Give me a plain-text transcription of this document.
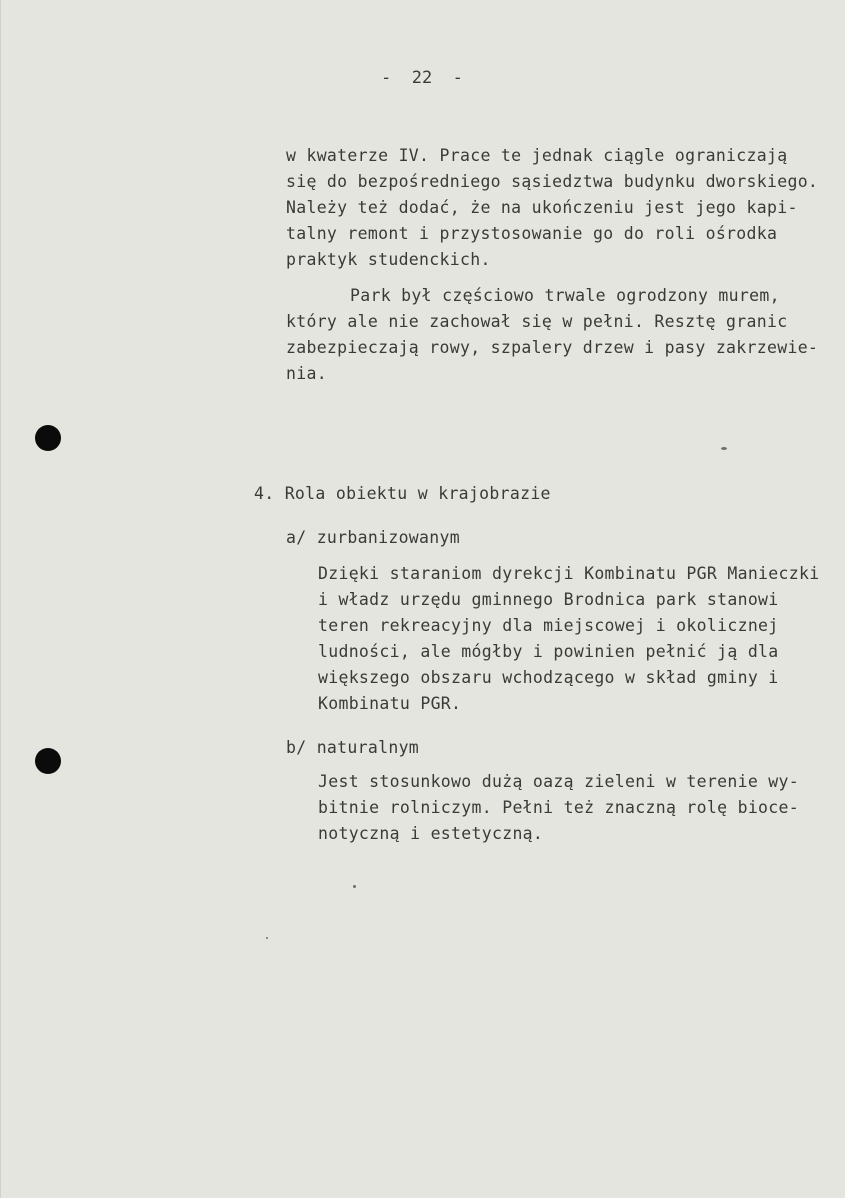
-  22  -
w kwaterze IV. Prace te jednak ciągle ograniczają
się do bezpośredniego sąsiedztwa budynku dworskiego.
Należy też dodać, że na ukończeniu jest jego kapi-
talny remont i przystosowanie go do roli ośrodka
praktyk studenckich.
Park był częściowo trwale ogrodzony murem,
który ale nie zachował się w pełni. Resztę granic
zabezpieczają rowy, szpalery drzew i pasy zakrzewie-
nia.
4. Rola obiektu w krajobrazie
a/ zurbanizowanym
Dzięki staraniom dyrekcji Kombinatu PGR Manieczki
i władz urzędu gminnego Brodnica park stanowi
teren rekreacyjny dla miejscowej i okolicznej
ludności, ale mógłby i powinien pełnić ją dla
większego obszaru wchodzącego w skład gminy i
Kombinatu PGR.
b/ naturalnym
Jest stosunkowo dużą oazą zieleni w terenie wy-
bitnie rolniczym. Pełni też znaczną rolę bioce-
notyczną i estetyczną.
